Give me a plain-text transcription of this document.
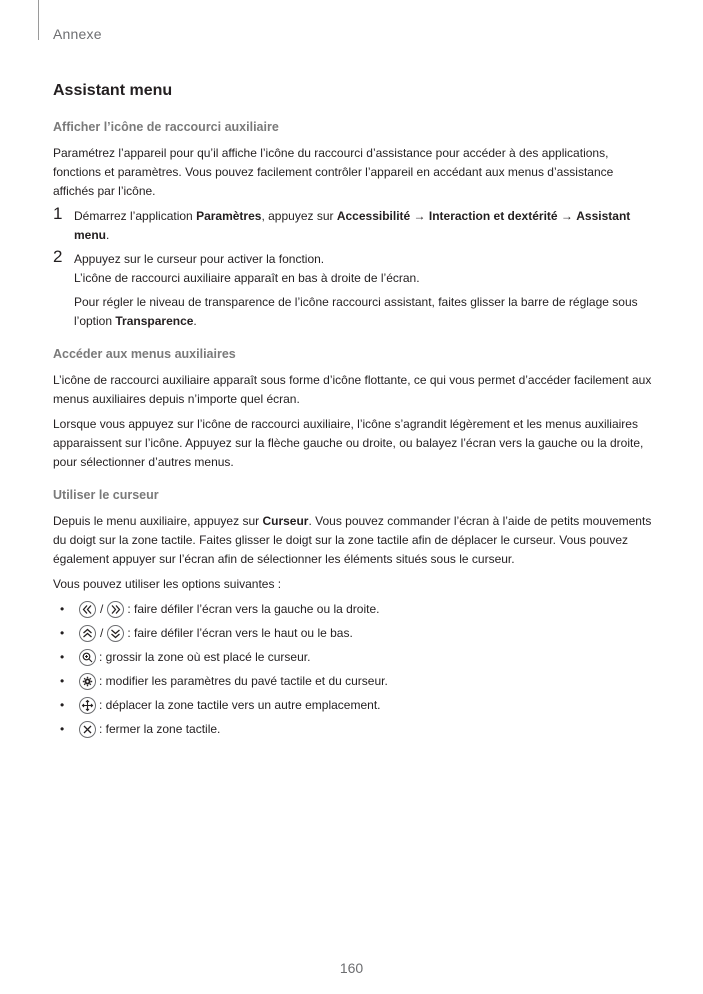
Annexe
Assistant menu
Afficher l’icône de raccourci auxiliaire

Paramétrez l’appareil pour qu’il affiche l’icône du raccourci d’assistance pour accéder à des applications, fonctions et paramètres. Vous pouvez facilement contrôler l’appareil en accédant aux menus d’assistance affichés par l’icône.

1 Démarrez l’application Paramètres, appuyez sur Accessibilité → Interaction et dextérité → Assistant menu.

2 Appuyez sur le curseur pour activer la fonction.

L’icône de raccourci auxiliaire apparaît en bas à droite de l’écran.

Pour régler le niveau de transparence de l’icône raccourci assistant, faites glisser la barre de réglage sous l’option Transparence.

Accéder aux menus auxiliaires

L’icône de raccourci auxiliaire apparaît sous forme d’icône flottante, ce qui vous permet d’accéder facilement aux menus auxiliaires depuis n’importe quel écran.

Lorsque vous appuyez sur l’icône de raccourci auxiliaire, l’icône s’agrandit légèrement et les menus auxiliaires apparaissent sur l’icône. Appuyez sur la flèche gauche ou droite, ou balayez l’écran vers la gauche ou la droite, pour sélectionner d’autres menus.

Utiliser le curseur

Depuis le menu auxiliaire, appuyez sur Curseur. Vous pouvez commander l’écran à l’aide de petits mouvements du doigt sur la zone tactile. Faites glisser le doigt sur la zone tactile afin de déplacer le curseur. Vous pouvez également appuyer sur l’écran afin de sélectionner les éléments situés sous le curseur.

Vous pouvez utiliser les options suivantes :

•	/ : faire défiler l’écran vers la gauche ou la droite.
•	/ : faire défiler l’écran vers le haut ou le bas.
•	: grossir la zone où est placé le curseur.
•	: modifier les paramètres du pavé tactile et du curseur.
•	: déplacer la zone tactile vers un autre emplacement.
•	: fermer la zone tactile.
160
